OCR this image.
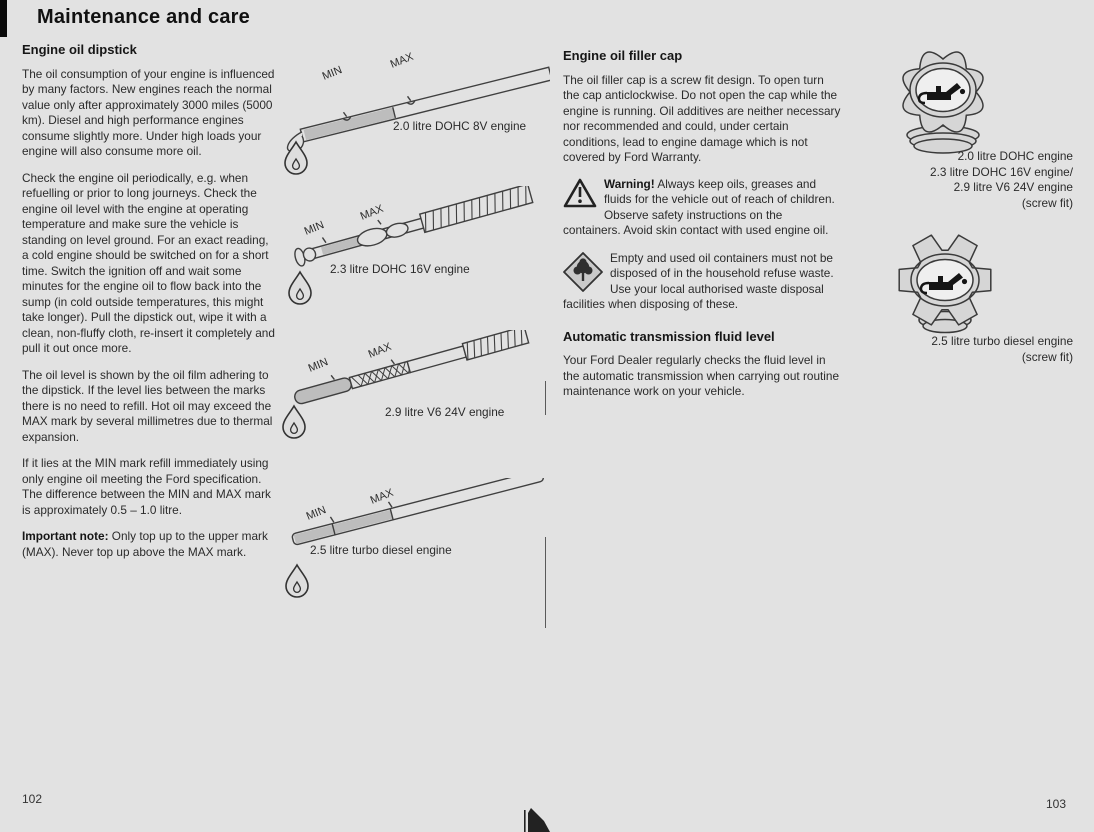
Maintenance and care
Engine oil dipstick

The oil consumption of your engine is influenced by many factors. New engines reach the normal value only after approximately 3000 miles (5000 km). Diesel and high performance engines consume slightly more. Under high loads your engine will also consume more oil.

Check the engine oil periodically, e.g. when refuelling or prior to long journeys. Check the engine oil level with the engine at operating temperature and make sure the vehicle is standing on level ground. For an exact reading, a cold engine should be switched on for a short time. Switch the ignition off and wait some minutes for the engine oil to flow back into the sump (in cold outside temperatures, this might take longer). Pull the dipstick out, wipe it with a clean, non-fluffy cloth, re-insert it completely and pull it out once more.

The oil level is shown by the oil film adhering to the dipstick. If the level lies between the marks there is no need to refill. Hot oil may exceed the MAX mark by several millimetres due to thermal expansion.

If it lies at the MIN mark refill immediately using only engine oil meeting the Ford specification. The difference between the MIN and MAX mark is approximately 0.5 – 1.0 litre.

Important note: Only top up to the upper mark (MAX). Never top up above the MAX mark.

MIN
MAX
2.0 litre DOHC 8V engine
MIN
MAX
2.3 litre DOHC 16V engine
MIN
MAX
2.9 litre V6 24V engine
MIN
MAX
2.5 litre turbo diesel engine
Engine oil filler cap

The oil filler cap is a screw fit design. To open turn the cap anticlockwise. Do not open the cap while the engine is running. Oil additives are neither necessary nor recommended and could, under certain conditions, lead to engine damage which is not covered by Ford Warranty.

Warning! Always keep oils, greases and fluids for the vehicle out of reach of children. Observe safety instructions on the containers. Avoid skin contact with used engine oil.
Empty and used oil containers must not be disposed of in the household refuse waste. Use your local authorised waste disposal facilities when disposing of these.
Automatic transmission fluid level

Your Ford Dealer regularly checks the fluid level in the automatic transmission when carrying out routine maintenance work on your vehicle.

2.0 litre DOHC engine
2.3 litre DOHC 16V engine/
2.9 litre V6 24V engine
(screw fit)
2.5 litre turbo diesel engine
(screw fit)
102	103
